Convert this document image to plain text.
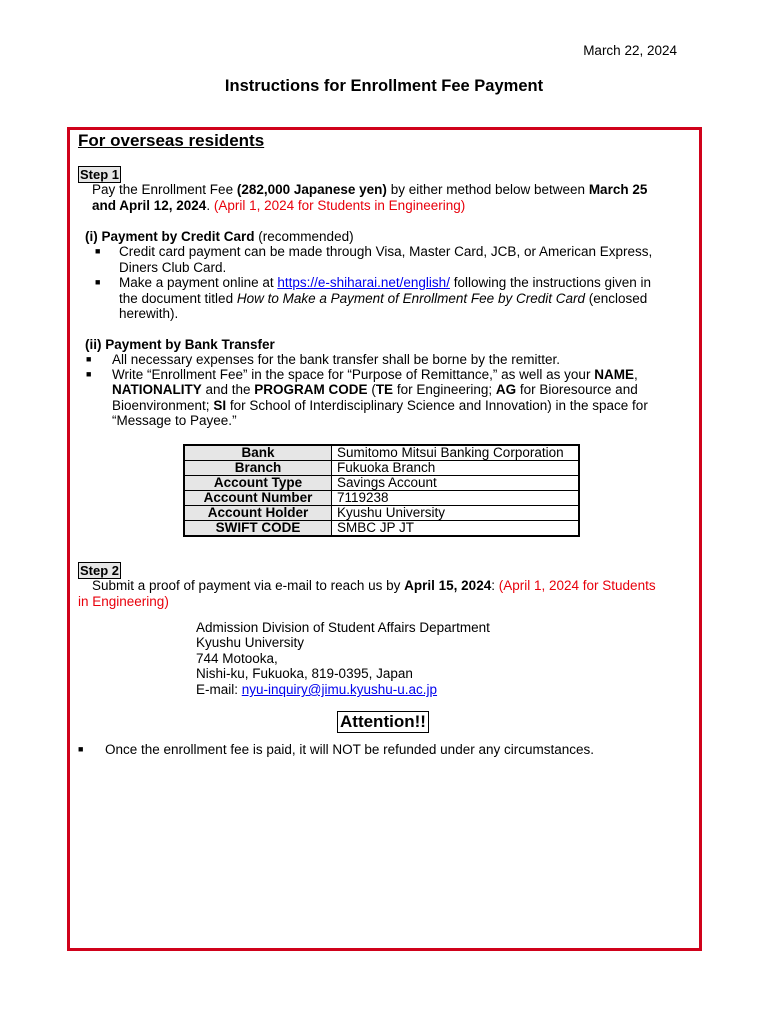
March 22, 2024
Instructions for Enrollment Fee Payment
For overseas residents
Step 1
Pay the Enrollment Fee (282,000 Japanese yen) by either method below between March 25
and April 12, 2024. (April 1, 2024 for Students in Engineering)
(i) Payment by Credit Card (recommended)
■ Credit card payment can be made through Visa, Master Card, JCB, or American Express,
Diners Club Card.
■ Make a payment online at https://e-shiharai.net/english/ following the instructions given in
the document titled How to Make a Payment of Enrollment Fee by Credit Card (enclosed
herewith).
(ii) Payment by Bank Transfer
■ All necessary expenses for the bank transfer shall be borne by the remitter.
■ Write “Enrollment Fee” in the space for “Purpose of Remittance,” as well as your NAME,
NATIONALITY and the PROGRAM CODE (TE for Engineering; AG for Bioresource and
Bioenvironment; SI for School of Interdisciplinary Science and Innovation) in the space for
“Message to Payee.”
Bank	Sumitomo Mitsui Banking Corporation
Branch	Fukuoka Branch
Account Type	Savings Account
Account Number	7119238
Account Holder	Kyushu University
SWIFT CODE	SMBC JP JT
Step 2
Submit a proof of payment via e-mail to reach us by April 15, 2024: (April 1, 2024 for Students
in Engineering)
Admission Division of Student Affairs Department
Kyushu University
744 Motooka,
Nishi-ku, Fukuoka, 819-0395, Japan
E-mail: nyu-inquiry@jimu.kyushu-u.ac.jp
Attention!!
■ Once the enrollment fee is paid, it will NOT be refunded under any circumstances.
